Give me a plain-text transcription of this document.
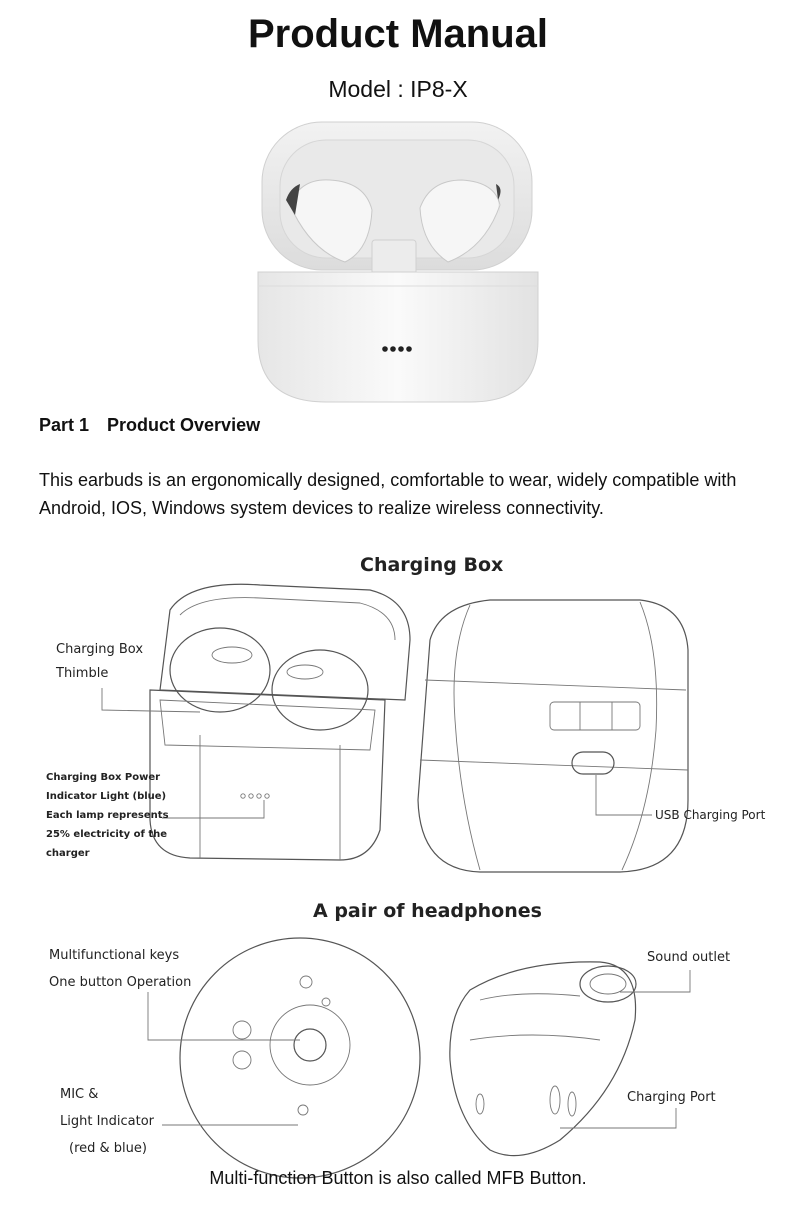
Product Manual
Model : IP8-X
Part 1 Product Overview
This earbuds is an ergonomically designed, comfortable to wear, widely compatible with Android, IOS, Windows system devices to realize wireless connectivity.
Charging Box
Charging Box
Thimble
Charging Box Power
Indicator Light (blue)
Each lamp represents
25% electricity of the
charger
USB Charging Port
A pair of headphones
Multifunctional keys
One button Operation
MIC &
Light Indicator
(red & blue)
Sound outlet
Charging Port
Multi-function Button is also called MFB Button.
